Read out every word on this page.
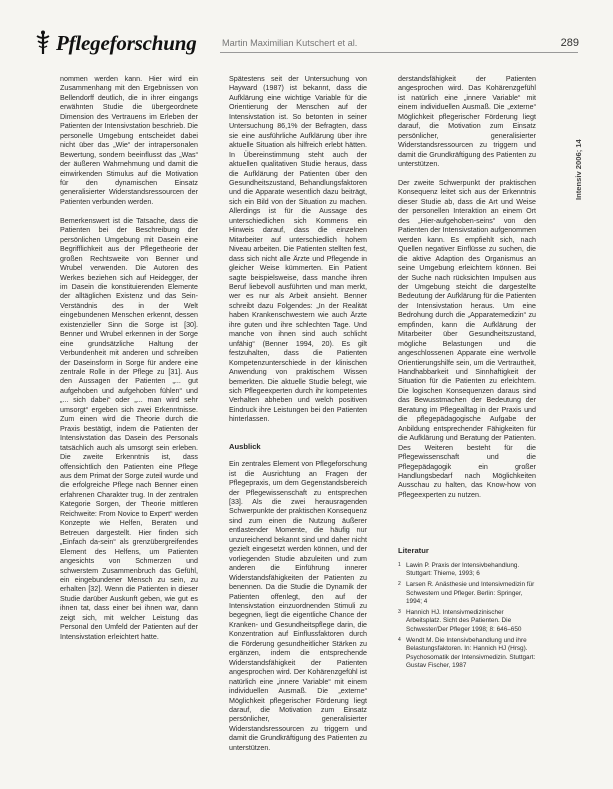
Pflegeforschung	Martin Maximilian Kutschert et al.	289
Intensiv 2006; 14

nommen werden kann. Hier wird ein Zusammenhang mit den Ergebnissen von Bellendorff deutlich, die in ihrer eingangs erwähnten Studie die übergeordnete Dimension des Vertrauens im Erleben der Patienten der Intensivstation beschrieb. Die personelle Umgebung entscheidet dabei nicht über das „Wie“ der intrapersonalen Bewertung, sondern beeinflusst das „Was“ der äußeren Wahrnehmung und damit die einwirkenden Stimulus auf die Motivation für den dynamischen Einsatz generalisierter Widerstandsressourcen der Patienten verbunden werden.

Bemerkenswert ist die Tatsache, dass die Patienten bei der Beschreibung der persönlichen Umgebung mit Dasein eine Begrifflichkeit aus der Pflegetheorie der großen Rechtsweite von Benner und Wrubel verwenden. Die Autoren des Werkes beziehen sich auf Heidegger, der im Dasein die konstituierenden Elemente der alltäglichen Existenz und das Sein-Verständnis des in der Welt eingebundenen Menschen erkennt, dessen existenzieller Sinn die Sorge ist [30]. Benner und Wrubel erkennen in der Sorge eine grundsätzliche Haltung der Verbundenheit mit anderen und schreiben der Daseinsform in Sorge für andere eine zentrale Rolle in der Pflege zu [31]. Aus den Aussagen der Patienten „... gut aufgehoben und aufgehoben fühlen“ und „... sich dabei“ oder „... man wird sehr umsorgt“ ergeben sich zwei Erkenntnisse. Zum einen wird die Theorie durch die Praxis bestätigt, indem die Patienten der Intensivstation das Dasein des Personals tatsächlich auch als umsorgt sein erleben. Die zweite Erkenntnis ist, dass offensichtlich den Patienten eine Pflege aus dem Primat der Sorge zuteil wurde und die erfolgreiche Pflege nach Benner einen erfahrenen Charakter trug. In der zentralen Kategorie Sorgen, der Theorie mittleren Reichweite: From Novice to Expert“ werden Konzepte wie Helfen, Beraten und Betreuen dargestellt. Hier finden sich „Einfach da-sein“ als grenzübergreifendes Element des Helfens, um Patienten angesichts von Schmerzen und schwerstem Zusammenbruch das Gefühl, ein eingebundener Mensch zu sein, zu erhalten [32]. Wenn die Patienten in dieser Studie darüber Auskunft geben, wie gut es ihnen tat, dass einer bei ihnen war, dann zeigt sich, mit welcher Leistung das Personal den Umfeld der Patienten auf der Intensivstation erleichtert hatte.

Spätestens seit der Untersuchung von Hayward (1987) ist bekannt, dass die Aufklärung eine wichtige Variable für die Orientierung der Menschen auf der Intensivstation ist. So betonten in seiner Untersuchung 86,1% der Befragten, dass sie eine ausführliche Aufklärung über ihre aktuelle Situation als hilfreich erlebt hätten. In Übereinstimmung steht auch der aktuellen qualitativen Studie heraus, dass die Aufklärung der Patienten über den Gesundheitszustand, Behandlungsfaktoren und die Apparate wesentlich dazu beiträgt, sich ein Bild von der Situation zu machen. Allerdings ist für die Aussage des unterschiedlichen sich Kommens ein Hinweis darauf, dass die einzelnen Mitarbeiter auf unterschiedlich hohem Niveau arbeiten. Die Patienten stellten fest, dass sich nicht alle Ärzte und Pflegende in gleicher Weise kümmerten. Ein Patient sagte beispielsweise, dass manche ihren Beruf liebevoll ausführten und man merkt, wer es nur als Arbeit ansieht. Benner schreibt dazu Folgendes: „In der Realität haben Krankenschwestern wie auch Ärzte ihre guten und ihre schlechten Tage. Und manche von ihnen sind auch schlicht unfähig“ (Benner 1994, 20). Es gilt festzuhalten, dass die Patienten Kompetenzunterschiede in der klinischen Anwendung von praktischem Wissen bemerkten. Die aktuelle Studie belegt, wie sich Pflegeexperten durch ihr kompetentes Verhalten abheben und welch positiven Eindruck ihre Leistungen bei den Patienten hinterlassen.

Ausblick

Ein zentrales Element von Pflegeforschung ist die Ausrichtung an Fragen der Pflegepraxis, um dem Gegenstandsbereich der Pflegewissenschaft zu entsprechen [33]. Als die zwei herausragenden Schwerpunkte der praktischen Konsequenz sind zum einen die Nutzung äußerer entlastender Momente, die häufig nur unzureichend bekannt sind und daher nicht gezielt eingesetzt werden können, und der vorliegenden Studie abzuleiten und zum anderen die Einführung innerer Widerstandsfähigkeiten der Patienten zu benennen. Da die Studie die Dynamik der Patienten offenlegt, den auf der Intensivstation einzuordnenden Stimuli zu begegnen, liegt die eigentliche Chance der Kranken- und Gesundheitspflege darin, die Konzentration auf Einflussfaktoren durch die Förderung gesundheitlicher Stärken zu ergänzen, indem die entsprechende Widerstandsfähigkeit der Patienten angesprochen wird. Der Kohärenzgefühl ist natürlich eine „innere Variable“ mit einem individuellen Ausmaß. Die „externe“ Möglichkeit pflegerischer Förderung liegt darauf, die Motivation zum Einsatz persönlicher, generalisierter Widerstandsressourcen zu triggern und damit die Grundkräftigung des Patienten zu unterstützen.

derstandsfähigkeit der Patienten angesprochen wird. Das Kohärenzgefühl ist natürlich eine „innere Variable“ mit einem individuellen Ausmaß. Die „externe“ Möglichkeit pflegerischer Förderung liegt darauf, die Motivation zum Einsatz persönlicher, generalisierter Widerstandsressourcen zu triggern und damit die Grundkräftigung des Patienten zu unterstützen.

Der zweite Schwerpunkt der praktischen Konsequenz leitet sich aus der Erkenntnis dieser Studie ab, dass die Art und Weise der personellen Interaktion an einem Ort des „Hier-aufgehoben-seins“ von den Patienten der Intensivstation aufgenommen werden kann. Es empfiehlt sich, nach Quellen negativer Einflüsse zu suchen, die die aktive Adaption des Organismus an seine Umgebung erleichtern können. Bei der Suche nach rücksichten Impulsen aus der Umgebung steicht die dargestellte Bedeutung der Aufklärung für die Patienten der Intensivstation heraus. Um eine Bedrohung durch die „Apparatemedizin“ zu empfinden, kann die Aufklärung der Mitarbeiter über Gesundheitszustand, mögliche Belastungen und die angeschlossenen Apparate eine wertvolle Orientierungshilfe sein, um die Vertrautheit, Handhabbarkeit und Sinnhaftigkeit der Situation für die Patienten zu erleichtern. Die logischen Konsequenzen daraus sind das Bewusstmachen der Bedeutung der Beratung im Pflegealltag in der Praxis und die pflegepädagogische Aufgabe der Anbildung entsprechender Fähigkeiten für die Aufklärung und Beratung der Patienten. Des Weiteren besteht für die Pflegewissenschaft und die Pflegepädagogik ein großer Handlungsbedarf nach Möglichkeiten Ausschau zu halten, das Know-how von Pflegeexperten zu nutzen.

Literatur
1 Lawin P. Praxis der Intensivbehandlung. Stuttgart: Thieme, 1993; 6
2 Larsen R. Anästhesie und Intensivmedizin für Schwestern und Pfleger. Berlin: Springer, 1994; 4
3 Hannich HJ. Intensivmedizinischer Arbeitsplatz. Sicht des Patienten. Die Schwester/Der Pfleger 1998; 8: 646–650
4 Wendt M. Die Intensivbehandlung und ihre Belastungsfaktoren. In: Hannich HJ (Hrsg). Psychosomatik der Intensivmedizin. Stuttgart: Gustav Fischer, 1987
